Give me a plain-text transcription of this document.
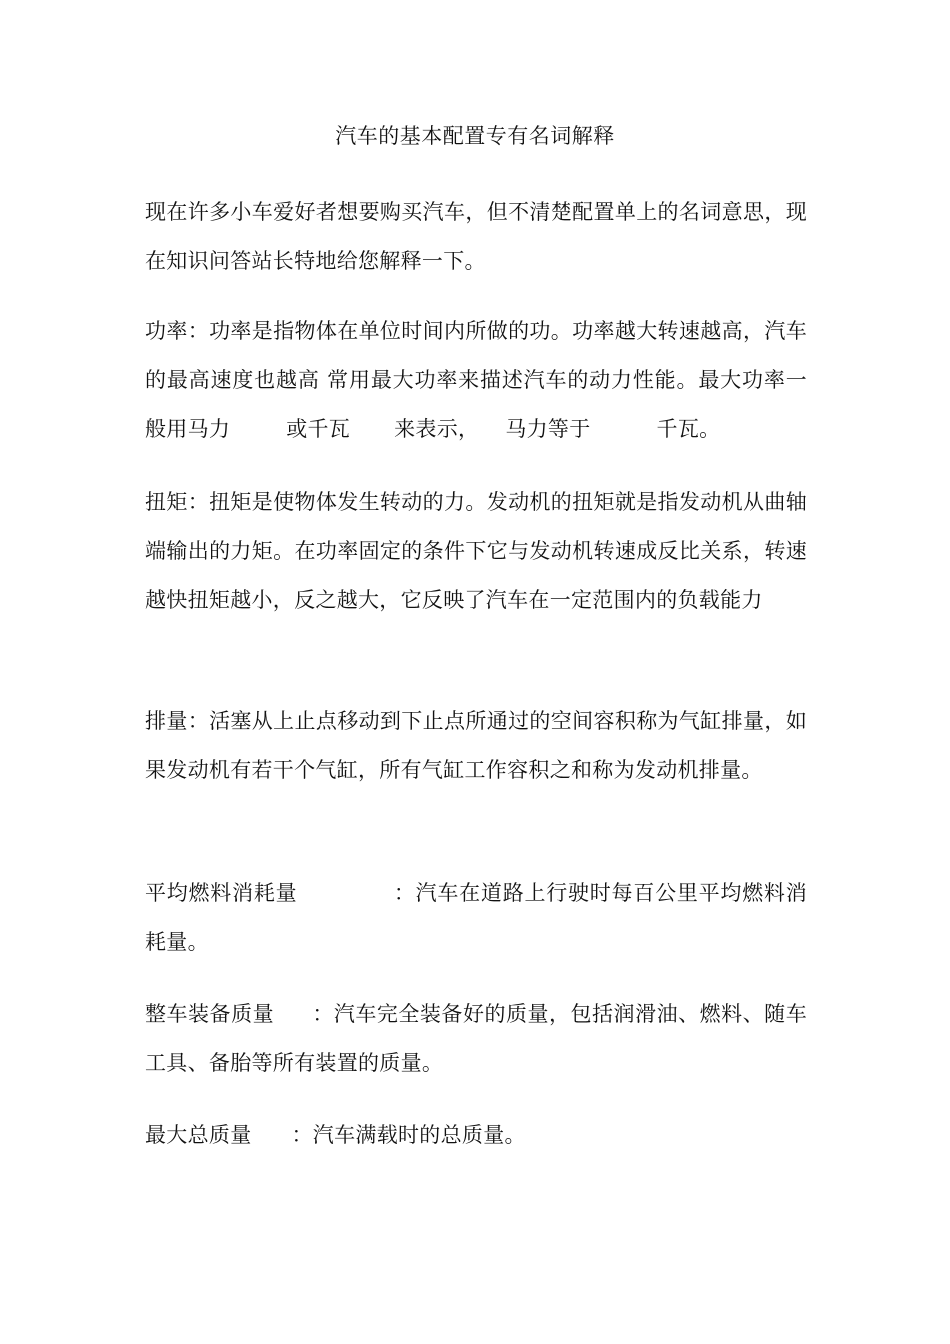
汽车的基本配置专有名词解释
现在许多小车爱好者想要购买汽车，但不清楚配置单上的名词意思，现在知识问答站长特地给您解释一下。
功率：功率是指物体在单位时间内所做的功。功率越大转速越高，汽车的最高速度也越高 常用最大功率来描述汽车的动力性能。最大功率一般用马力	或千瓦 来表示， 马力等于	千瓦。
扭矩：扭矩是使物体发生转动的力。发动机的扭矩就是指发动机从曲轴端输出的力矩。在功率固定的条件下它与发动机转速成反比关系，转速越快扭矩越小，反之越大，它反映了汽车在一定范围内的负载能力
排量：活塞从上止点移动到下止点所通过的空间容积称为气缸排量，如果发动机有若干个气缸，所有气缸工作容积之和称为发动机排量。
平均燃料消耗量	：汽车在道路上行驶时每百公里平均燃料消耗量。
整车装备质量 ：汽车完全装备好的质量，包括润滑油、燃料、随车工具、备胎等所有装置的质量。
最大总质量 ：汽车满载时的总质量。
